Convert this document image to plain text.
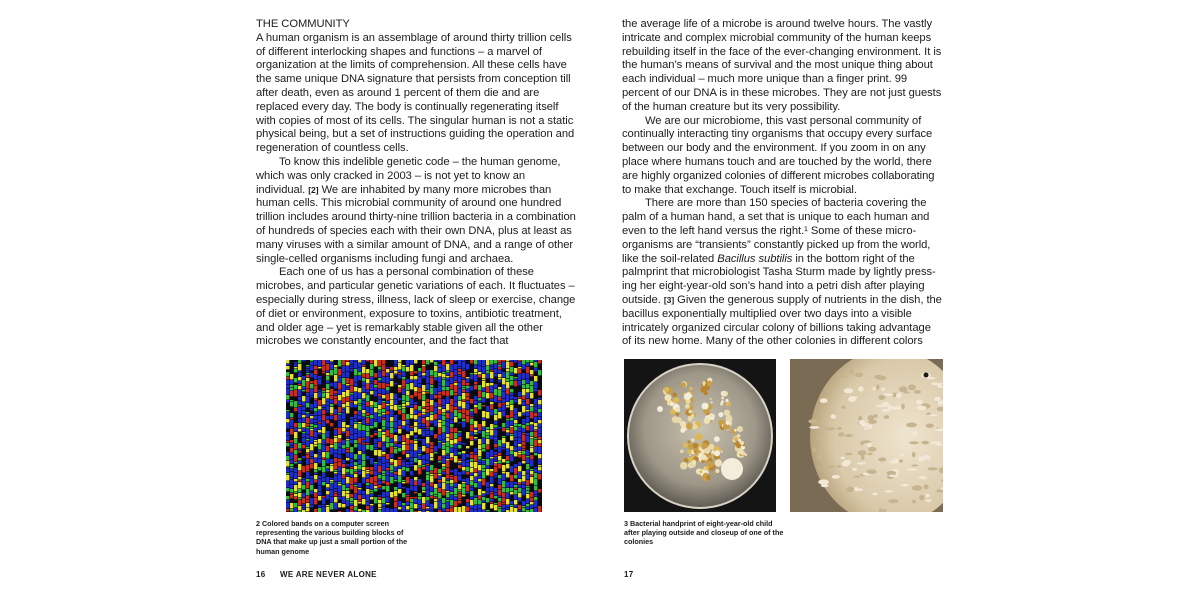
THE COMMUNITY

A human organism is an assemblage of around thirty trillion cells of different interlocking shapes and functions – a marvel of organization at the limits of comprehension. All these cells have the same unique DNA signature that persists from conception till after death, even as around 1 percent of them die and are replaced every day. The body is continually regenerating itself with copies of most of its cells. The singular human is not a static physical being, but a set of instructions guiding the operation and regeneration of countless cells.

To know this indelible genetic code – the human genome, which was only cracked in 2003 – is not yet to know an individual. [2] We are inhabited by many more microbes than human cells. This microbial community of around one hundred trillion includes around thirty-nine trillion bacteria in a combination of hundreds of species each with their own DNA, plus at least as many viruses with a similar amount of DNA, and a range of other single-celled organisms including fungi and archaea.

Each one of us has a personal combination of these microbes, and particular genetic variations of each. It fluctuates – especially during stress, illness, lack of sleep or exercise, change of diet or environment, exposure to toxins, antibiotic treatment, and older age – yet is remarkably stable given all the other microbes we constantly encounter, and the fact that

2 Colored bands on a computer screen representing the various building blocks of DNA that make up just a small portion of the human genome

16 WE ARE NEVER ALONE

the average life of a microbe is around twelve hours. The vastly intricate and complex microbial community of the human keeps rebuilding itself in the face of the ever-changing environment. It is the human’s means of survival and the most unique thing about each individual – much more unique than a finger print. 99 percent of our DNA is in these microbes. They are not just guests of the human creature but its very possibility.

We are our microbiome, this vast personal community of continually interacting tiny organisms that occupy every surface between our body and the environment. If you zoom in on any place where humans touch and are touched by the world, there are highly organized colonies of different microbes collaborating to make that exchange. Touch itself is microbial.

There are more than 150 species of bacteria covering the palm of a human hand, a set that is unique to each human and even to the left hand versus the right.¹ Some of these micro-organisms are “transients” constantly picked up from the world, like the soil-related Bacillus subtilis in the bottom right of the palmprint that microbiologist Tasha Sturm made by lightly press-ing her eight-year-old son’s hand into a petri dish after playing outside. [3] Given the generous supply of nutrients in the dish, the bacillus exponentially multiplied over two days into a visible intricately organized circular colony of billions taking advantage of its new home. Many of the other colonies in different colors

3 Bacterial handprint of eight-year-old child after playing outside and closeup of one of the colonies

17
